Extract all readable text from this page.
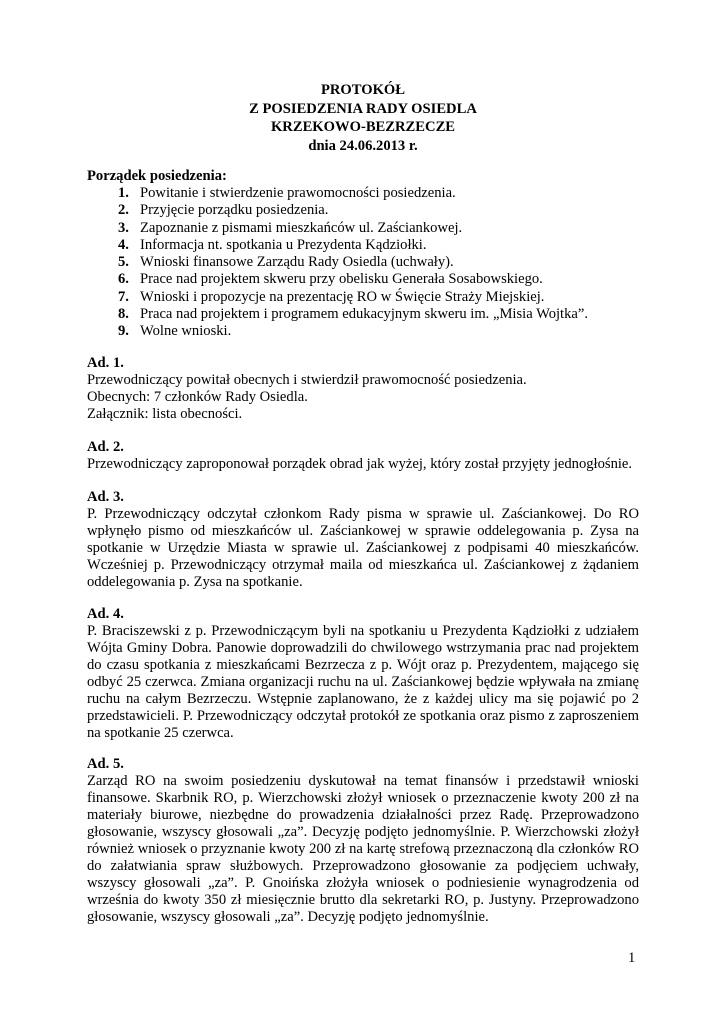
PROTOKÓŁ
Z POSIEDZENIA RADY OSIEDLA
KRZEKOWO-BEZRZECZE
dnia 24.06.2013 r.
Porządek posiedzenia:
1. Powitanie i stwierdzenie prawomocności posiedzenia.
2. Przyjęcie porządku posiedzenia.
3. Zapoznanie z pismami mieszkańców ul. Zaściankowej.
4. Informacja nt. spotkania u Prezydenta Kądziołki.
5. Wnioski finansowe Zarządu Rady Osiedla (uchwały).
6. Prace nad projektem skweru przy obelisku Generała Sosabowskiego.
7. Wnioski i propozycje na prezentację RO w Święcie Straży Miejskiej.
8. Praca nad projektem i programem edukacyjnym skweru im. „Misia Wojtka”.
9. Wolne wnioski.
Ad. 1.

Przewodniczący powitał obecnych i stwierdził prawomocność posiedzenia.

Obecnych: 7 członków Rady Osiedla.

Załącznik: lista obecności.

Ad. 2.

Przewodniczący zaproponował porządek obrad jak wyżej, który został przyjęty jednogłośnie.

Ad. 3.

P. Przewodniczący odczytał członkom Rady pisma w sprawie ul. Zaściankowej. Do RO wpłynęło pismo od mieszkańców ul. Zaściankowej w sprawie oddelegowania p. Zysa na spotkanie w Urzędzie Miasta w sprawie ul. Zaściankowej z podpisami 40 mieszkańców. Wcześniej p. Przewodniczący otrzymał maila od mieszkańca ul. Zaściankowej z żądaniem oddelegowania p. Zysa na spotkanie.

Ad. 4.

P. Braciszewski z p. Przewodniczącym byli na spotkaniu u Prezydenta Kądziołki z udziałem Wójta Gminy Dobra. Panowie doprowadzili do chwilowego wstrzymania prac nad projektem do czasu spotkania z mieszkańcami Bezrzecza z p. Wójt oraz p. Prezydentem, mającego się odbyć 25 czerwca. Zmiana organizacji ruchu na ul. Zaściankowej będzie wpływała na zmianę ruchu na całym Bezrzeczu. Wstępnie zaplanowano, że z każdej ulicy ma się pojawić po 2 przedstawicieli. P. Przewodniczący odczytał protokół ze spotkania oraz pismo z zaproszeniem na spotkanie 25 czerwca.

Ad. 5.

Zarząd RO na swoim posiedzeniu dyskutował na temat finansów i przedstawił wnioski finansowe. Skarbnik RO, p. Wierzchowski złożył wniosek o przeznaczenie kwoty 200 zł na materiały biurowe, niezbędne do prowadzenia działalności przez Radę. Przeprowadzono głosowanie, wszyscy głosowali „za”. Decyzję podjęto jednomyślnie. P. Wierzchowski złożył również wniosek o przyznanie kwoty 200 zł na kartę strefową przeznaczoną dla członków RO do załatwiania spraw służbowych. Przeprowadzono głosowanie za podjęciem uchwały, wszyscy głosowali „za”. P. Gnoińska złożyła wniosek o podniesienie wynagrodzenia od września do kwoty 350 zł miesięcznie brutto dla sekretarki RO, p. Justyny. Przeprowadzono głosowanie, wszyscy głosowali „za”. Decyzję podjęto jednomyślnie.

1
